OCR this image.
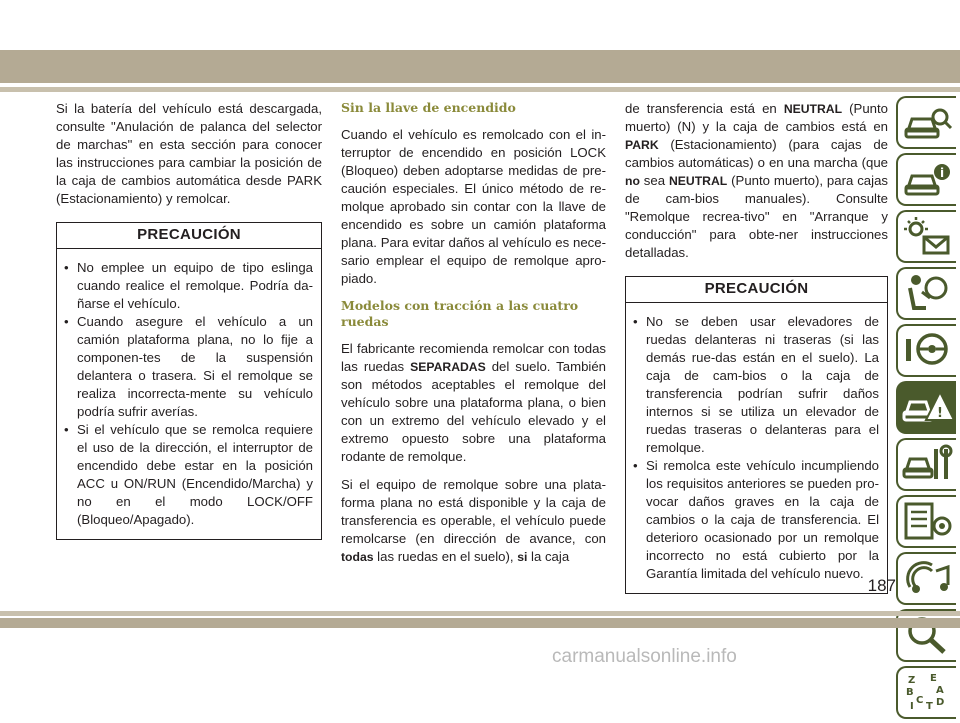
Si la batería del vehículo está descargada, consulte "Anulación de palanca del selector de marchas" en esta sección para conocer las instrucciones para cambiar la posición de la caja de cambios automática desde PARK (Estacionamiento) y remolcar.

PRECAUCIÓN
• No emplee un equipo de tipo eslinga cuando realice el remolque. Podría da-ñarse el vehículo.
• Cuando asegure el vehículo a un camión plataforma plana, no lo fije a componen-tes de la suspensión delantera o trasera. Si el remolque se realiza incorrecta-mente su vehículo podría sufrir averías.
• Si el vehículo que se remolca requiere el uso de la dirección, el interruptor de encendido debe estar en la posición ACC u ON/RUN (Encendido/Marcha) y no en el modo LOCK/OFF (Bloqueo/Apagado).
Sin la llave de encendido

Cuando el vehículo es remolcado con el in-terruptor de encendido en posición LOCK (Bloqueo) deben adoptarse medidas de pre-caución especiales. El único método de re-molque aprobado sin contar con la llave de encendido es sobre un camión plataforma plana. Para evitar daños al vehículo es nece-sario emplear el equipo de remolque apro-piado.

Modelos con tracción a las cuatro ruedas

El fabricante recomienda remolcar con todas las ruedas SEPARADAS del suelo. También son métodos aceptables el remolque del vehículo sobre una plataforma plana, o bien con un extremo del vehículo elevado y el extremo opuesto sobre una plataforma rodante de remolque.

Si el equipo de remolque sobre una plata-forma plana no está disponible y la caja de transferencia es operable, el vehículo puede remolcarse (en dirección de avance, con todas las ruedas en el suelo), si la caja

de transferencia está en NEUTRAL (Punto muerto) (N) y la caja de cambios está en PARK (Estacionamiento) (para cajas de cambios automáticas) o en una marcha (que no sea NEUTRAL (Punto muerto), para cajas de cam-bios manuales). Consulte "Remolque recrea-tivo" en "Arranque y conducción" para obte-ner instrucciones detalladas.

PRECAUCIÓN
• No se deben usar elevadores de ruedas delanteras ni traseras (si las demás rue-das están en el suelo). La caja de cam-bios o la caja de transferencia podrían sufrir daños internos si se utiliza un elevador de ruedas traseras o delanteras para el remolque.
• Si remolca este vehículo incumpliendo los requisitos anteriores se pueden pro-vocar daños graves en la caja de cambios o la caja de transferencia. El deterioro ocasionado por un remolque incorrecto no está cubierto por la Garantía limitada del vehículo nuevo.
i
!
Z E
B A
C
T
I D
187
carmanualsonline.info
